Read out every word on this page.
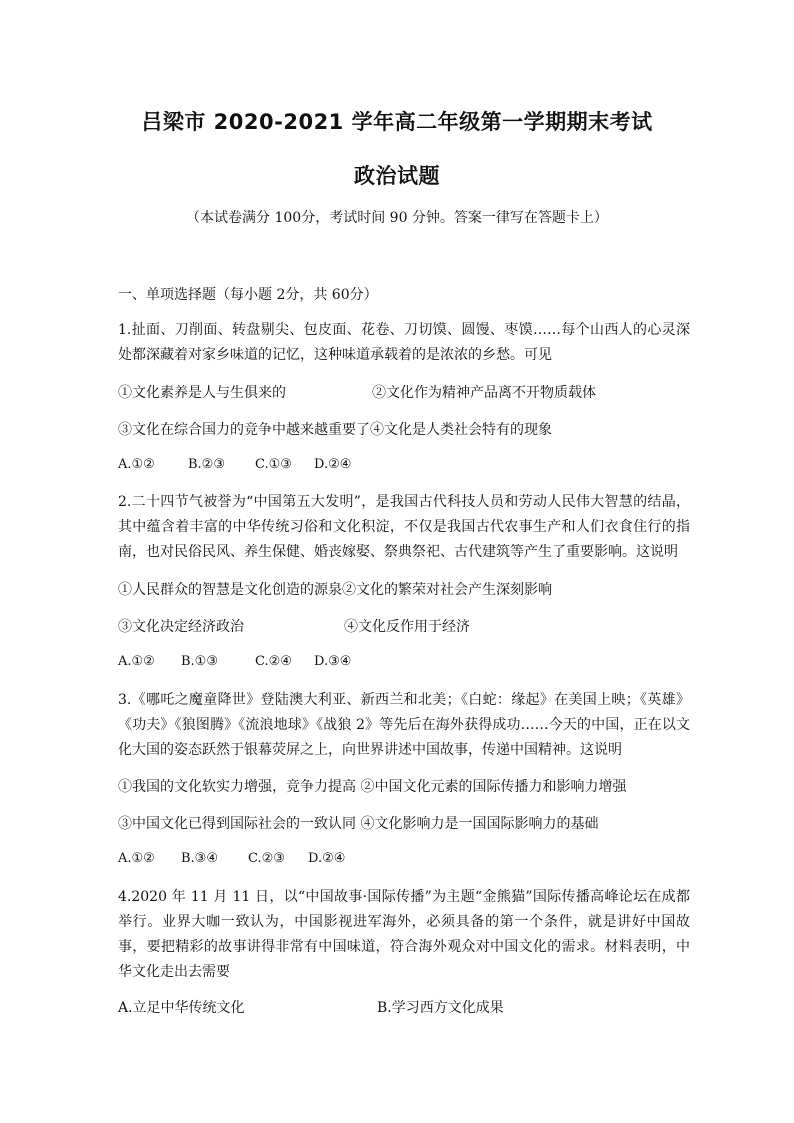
吕梁市 2020-2021 学年高二年级第一学期期末考试
政治试题
（本试卷满分 100分，考试时间 90 分钟。答案一律写在答题卡上）
一、单项选择题（每小题 2分，共 60分）
1.扯面、刀削面、转盘剔尖、包皮面、花卷、刀切馍、圆馒、枣馍……每个山西人的心灵深处都深藏着对家乡味道的记忆，这种味道承载着的是浓浓的乡愁。可见
①文化素养是人与生俱来的	②文化作为精神产品离不开物质载体
③文化在综合国力的竞争中越来越重要了④文化是人类社会特有的现象
A.①②	B.②③ C.①③ D.②④
2.二十四节气被誉为“中国第五大发明”，是我国古代科技人员和劳动人民伟大智慧的结晶，其中蕴含着丰富的中华传统习俗和文化积淀，不仅是我国古代农事生产和人们衣食住行的指南，也对民俗民风、养生保健、婚丧嫁娶、祭典祭祀、古代建筑等产生了重要影响。这说明
①人民群众的智慧是文化创造的源泉②文化的繁荣对社会产生深刻影响
③文化决定经济政治	④文化反作用于经济
A.①② B.①③	C.②④ D.③④
3.《哪吒之魔童降世》登陆澳大利亚、新西兰和北美；《白蛇：缘起》在美国上映；《英雄》《功夫》《狼图腾》《流浪地球》《战狼 2》等先后在海外获得成功……今天的中国，正在以文化大国的姿态跃然于银幕荧屏之上，向世界讲述中国故事，传递中国精神。这说明
①我国的文化软实力增强，竞争力提高 ②中国文化元素的国际传播力和影响力增强
③中国文化已得到国际社会的一致认同 ④文化影响力是一国国际影响力的基础
A.①② B.③④ C.②③ D.②④
4.2020 年 11 月 11 日，以“中国故事·国际传播”为主题“金熊猫”国际传播高峰论坛在成都举行。业界大咖一致认为，中国影视进军海外，必须具备的第一个条件，就是讲好中国故事，要把精彩的故事讲得非常有中国味道，符合海外观众对中国文化的需求。材料表明，中华文化走出去需要
A.立足中华传统文化	B.学习西方文化成果
